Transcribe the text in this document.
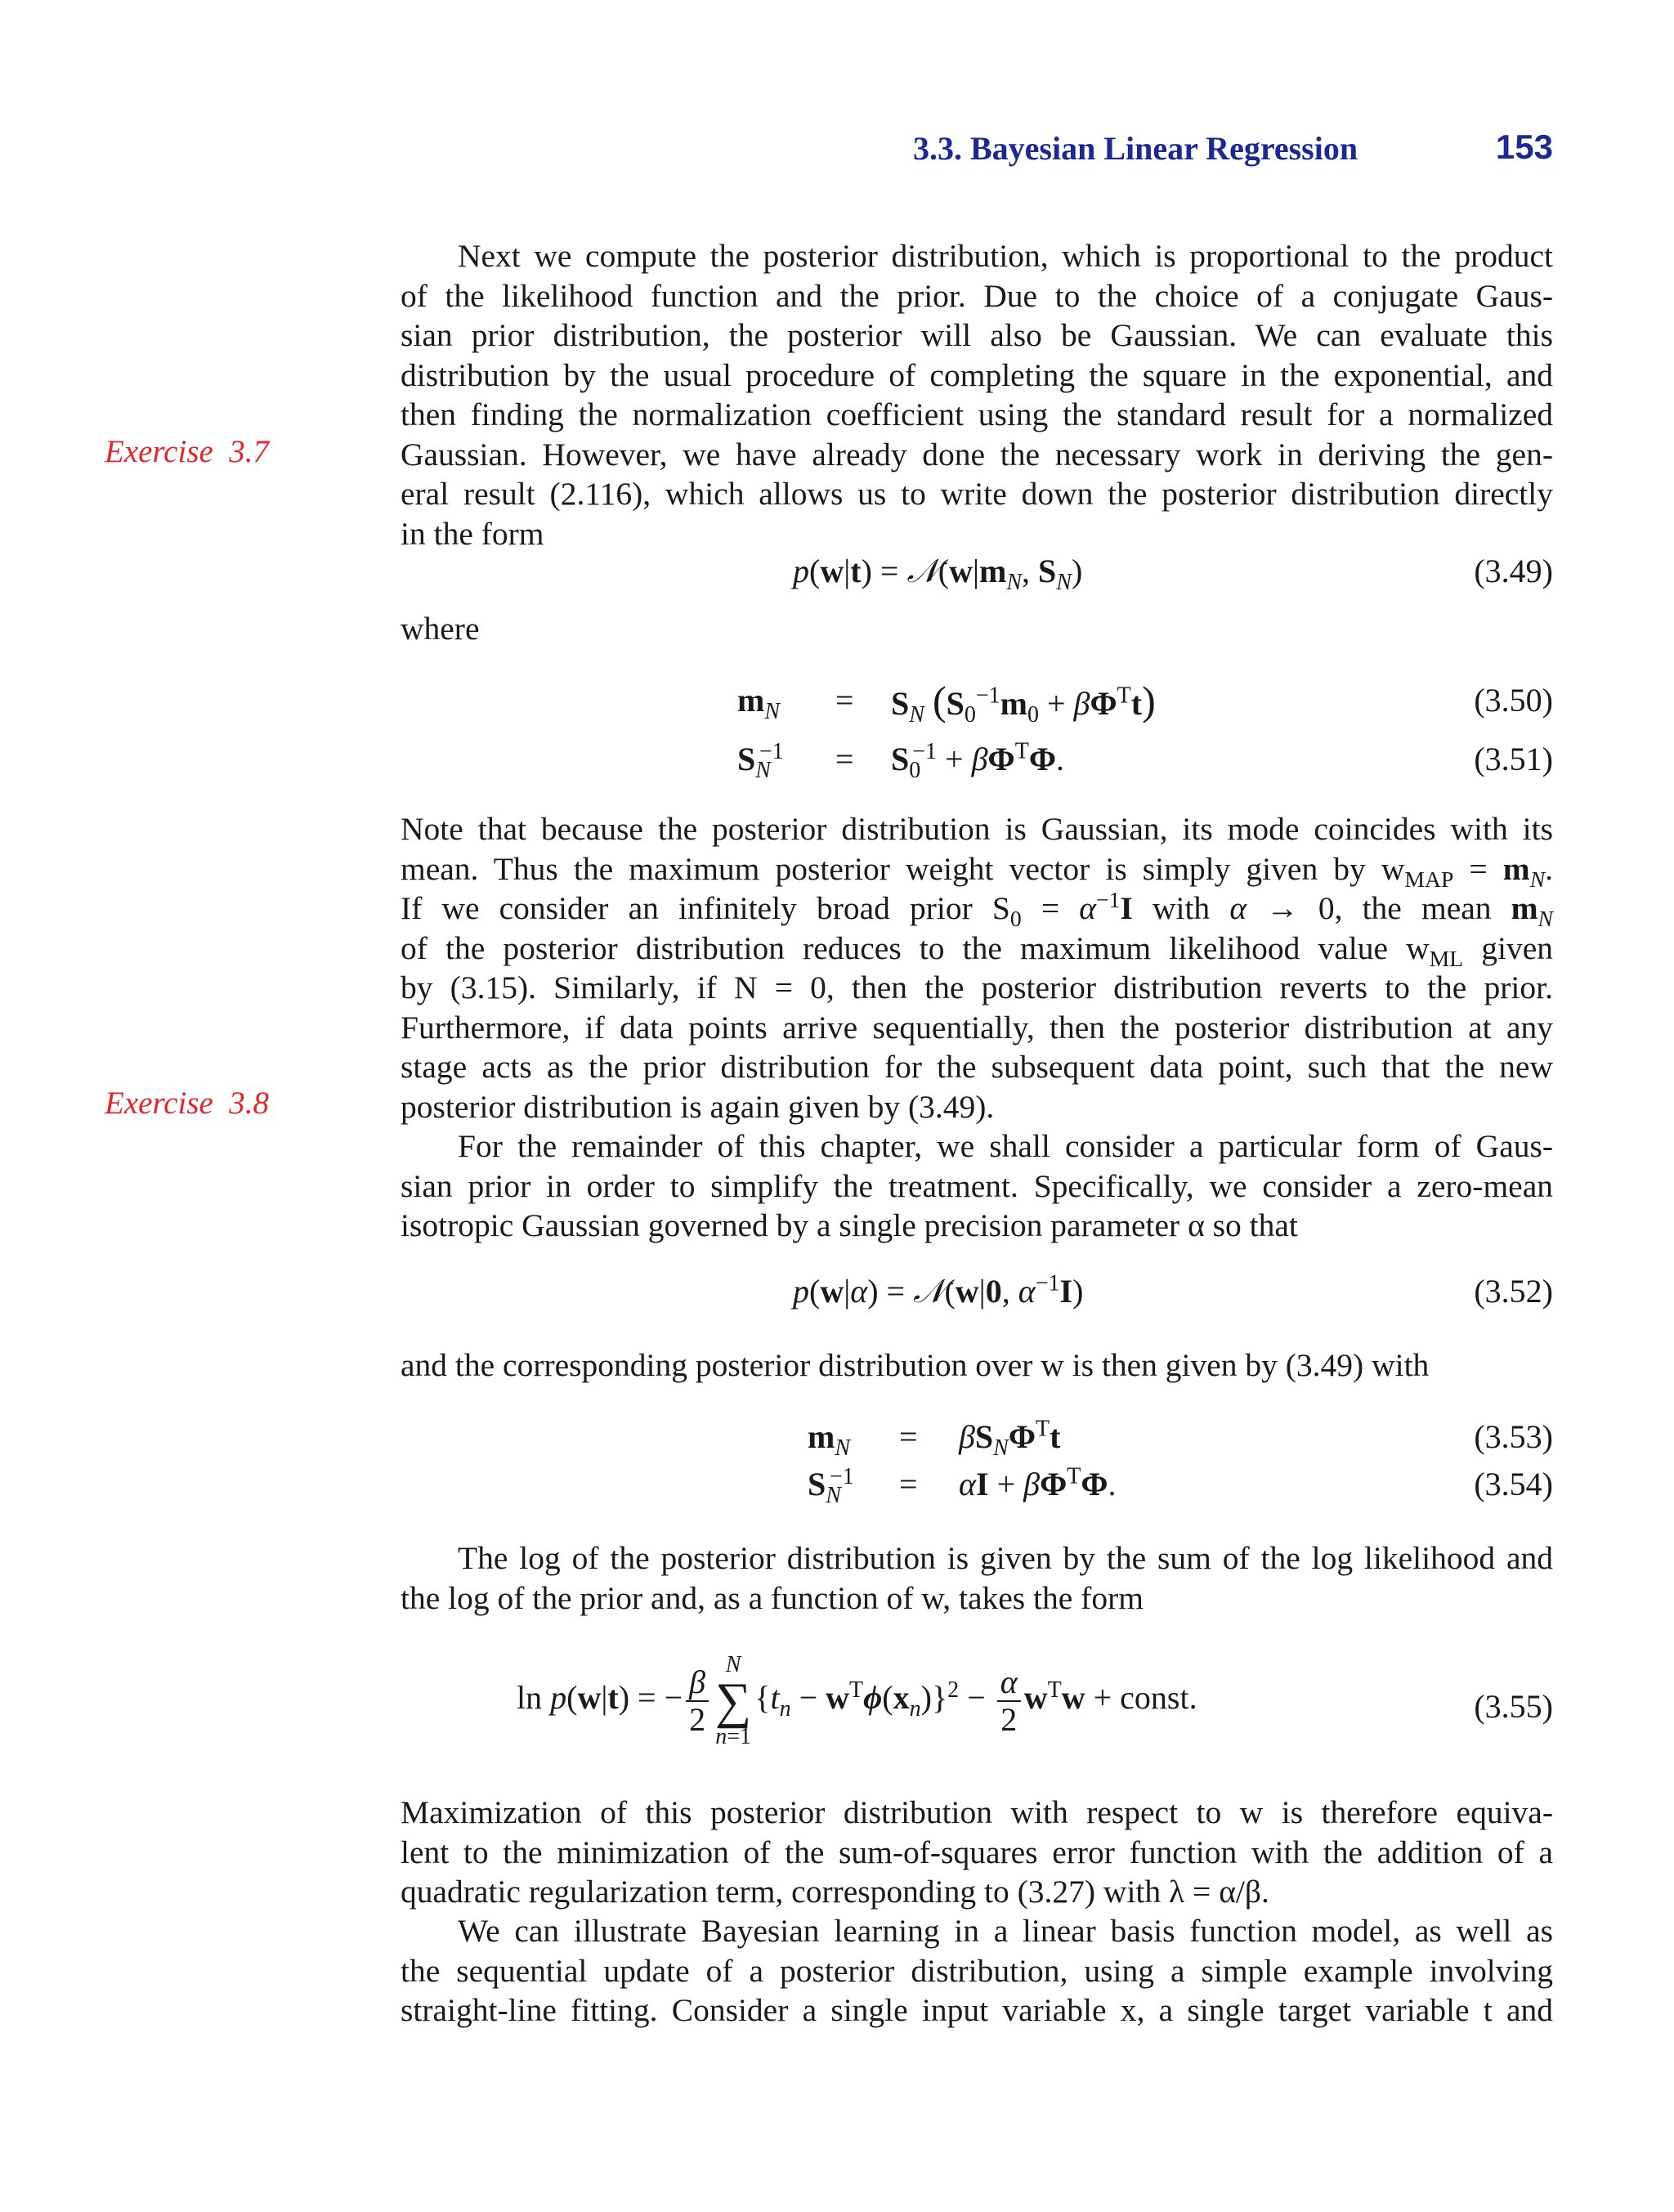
3.3. Bayesian Linear Regression	153
Exercise  3.7
Exercise  3.8
Next we compute the posterior distribution, which is proportional to the product
of the likelihood function and the prior. Due to the choice of a conjugate Gaus-
sian prior distribution, the posterior will also be Gaussian. We can evaluate this
distribution by the usual procedure of completing the square in the exponential, and
then finding the normalization coefficient using the standard result for a normalized
Gaussian. However, we have already done the necessary work in deriving the gen-
eral result (2.116), which allows us to write down the posterior distribution directly
in the form
$p(w|t) = 𝒩(w|m_N$, $S_N$)	(3.49)
where
$m_N = S_N$ $(S_0^{-1}m_0 + \beta\Phi^Tt)$	(3.50)
$S_N^{-1} = S_0^{-1} + \beta\Phi^T\Phi$.	(3.51)
Note that because the posterior distribution is Gaussian, its mode coincides with its
mean. Thus the maximum posterior weight vector is simply given by $w_{MAP} = m_N$.
If we consider an infinitely broad prior $S_0 = \alpha^{-1}I$ with α → 0, the mean $m_N$
of the posterior distribution reduces to the maximum likelihood value $w_{ML}$ given
by (3.15). Similarly, if N = 0, then the posterior distribution reverts to the prior.
Furthermore, if data points arrive sequentially, then the posterior distribution at any
stage acts as the prior distribution for the subsequent data point, such that the new
posterior distribution is again given by (3.49).
For the remainder of this chapter, we shall consider a particular form of Gaus-
sian prior in order to simplify the treatment. Specifically, we consider a zero-mean
isotropic Gaussian governed by a single precision parameter α so that
p(w|α) = 𝒩(w|0, $\alpha^{-1}I$)	(3.52)
and the corresponding posterior distribution over w is then given by (3.49) with
$m_N = \beta S_N\Phi^Tt$	(3.53)
$S_N^{-1} = \alpha I + \beta\Phi^T\Phi$.	(3.54)
The log of the posterior distribution is given by the sum of the log likelihood and
the log of the prior and, as a function of w, takes the form
ln p(w|t) = − $\frac{\beta}{2}$ N
∑
n=1
$\{t_n - w^T\phi(x_n)\}^2 - \frac{\alpha}{2} w^Tw$ + const.	(3.55)
Maximization of this posterior distribution with respect to w is therefore equiva-
lent to the minimization of the sum-of-squares error function with the addition of a
quadratic regularization term, corresponding to (3.27) with λ = α/β.
We can illustrate Bayesian learning in a linear basis function model, as well as
the sequential update of a posterior distribution, using a simple example involving
straight-line fitting. Consider a single input variable x, a single target variable t and
